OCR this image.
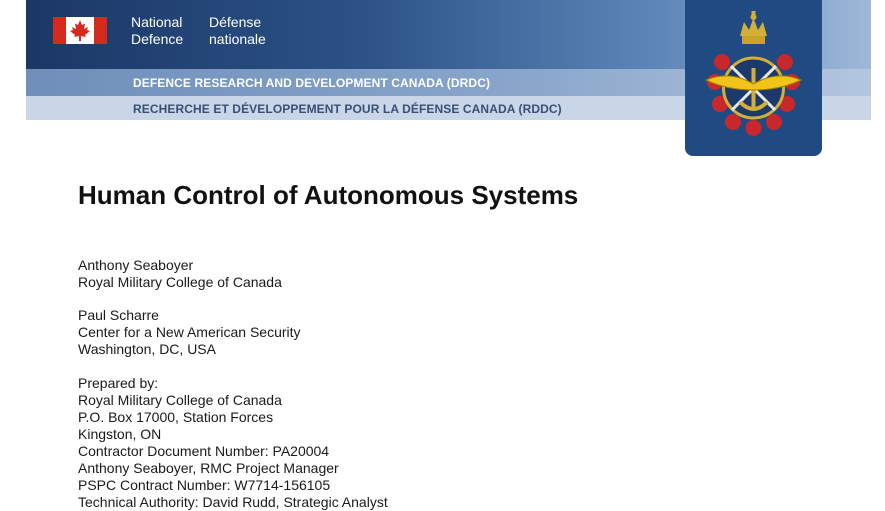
National
Defence
Défense
nationale
DEFENCE RESEARCH AND DEVELOPMENT CANADA (DRDC)
RECHERCHE ET DÉVELOPPEMENT POUR LA DÉFENSE CANADA (RDDC)
Human Control of Autonomous Systems
Anthony Seaboyer
Royal Military College of Canada
Paul Scharre
Center for a New American Security
Washington, DC, USA
Prepared by:
Royal Military College of Canada
P.O. Box 17000, Station Forces
Kingston, ON
Contractor Document Number: PA20004
Anthony Seaboyer, RMC Project Manager
PSPC Contract Number: W7714-156105
Technical Authority: David Rudd, Strategic Analyst
